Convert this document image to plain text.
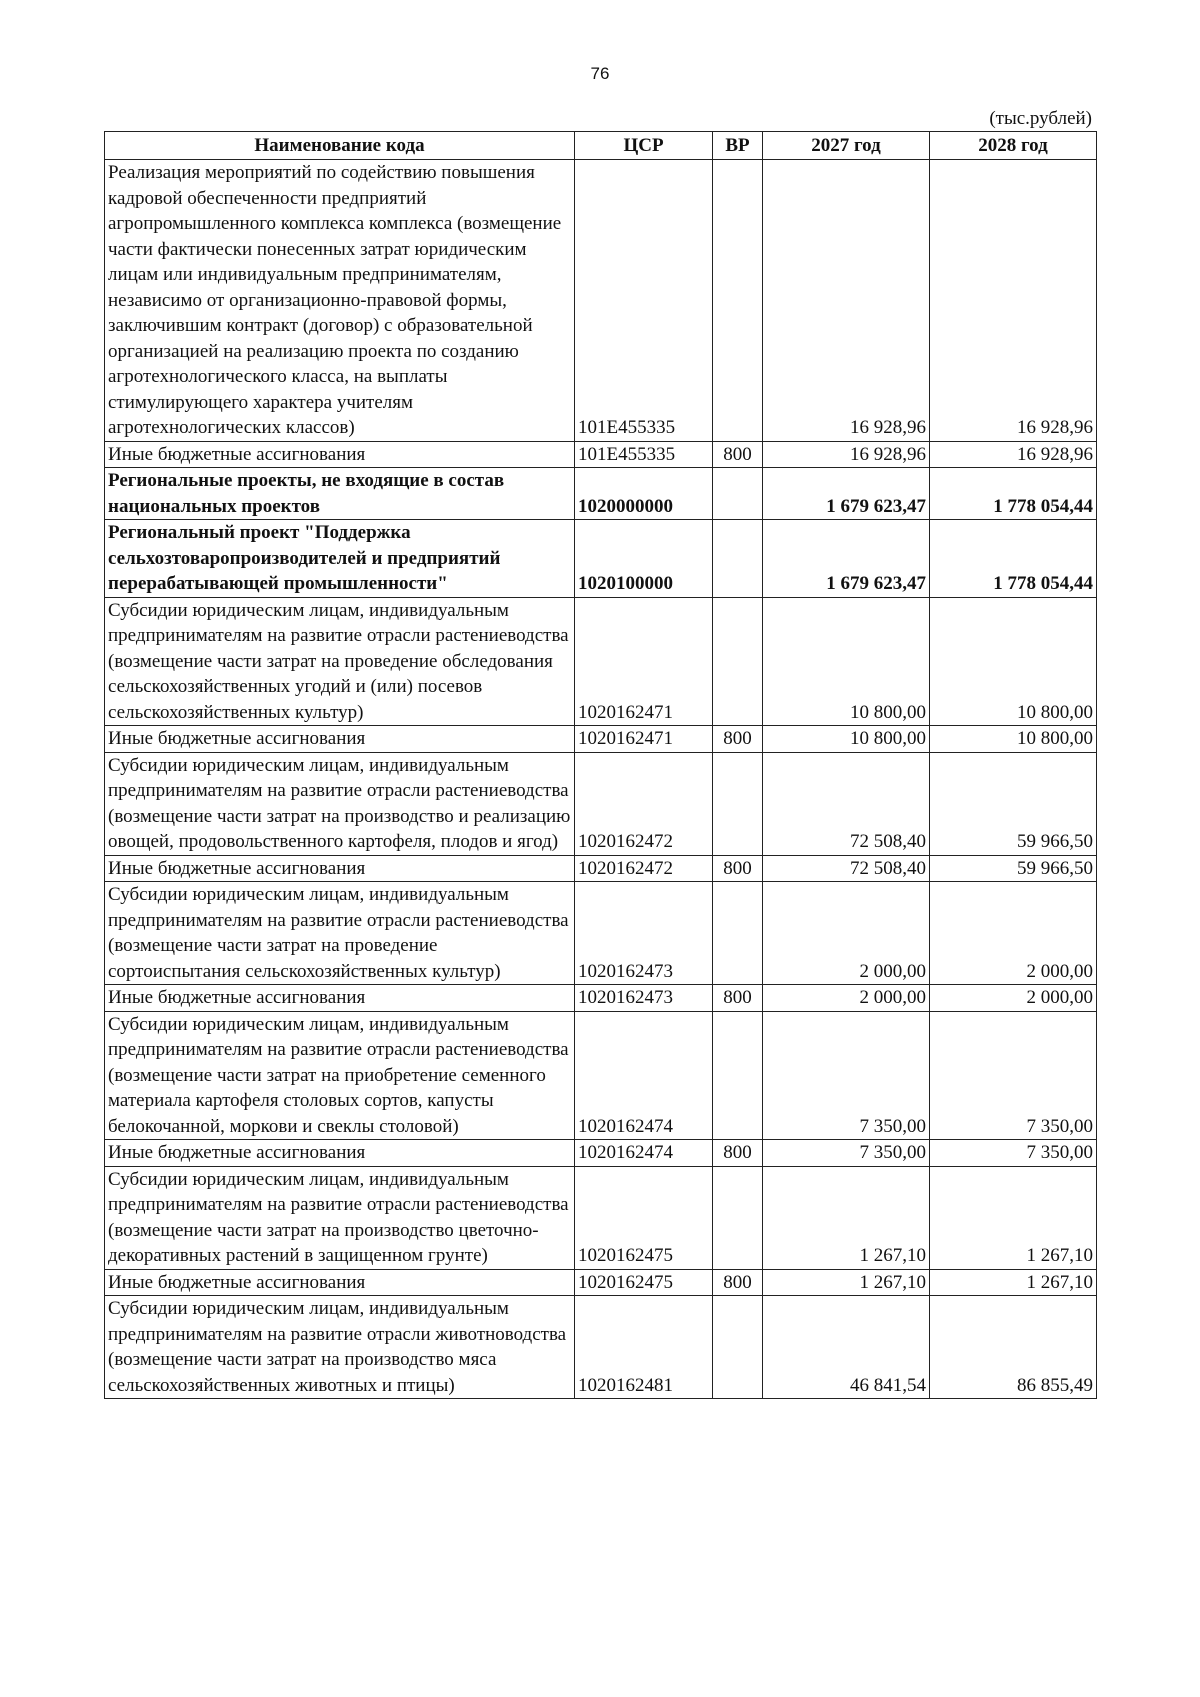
76
(тыс.рублей)
Наименование кода	ЦСР	ВР	2027 год	2028 год
Реализация мероприятий по содействию повышения кадровой обеспеченности предприятий агропромышленного комплекса комплекса (возмещение части фактически понесенных затрат юридическим лицам или индивидуальным предпринимателям, независимо от организационно-правовой формы, заключившим контракт (договор) с образовательной организацией на реализацию проекта по созданию агротехнологического класса, на выплаты стимулирующего характера учителям агротехнологических классов)	101E455335		16 928,96	16 928,96
Иные бюджетные ассигнования	101E455335	800	16 928,96	16 928,96
Региональные проекты, не входящие в состав национальных проектов	1020000000		1 679 623,47	1 778 054,44
Региональный проект "Поддержка сельхозтоваропроизводителей и предприятий перерабатывающей промышленности"	1020100000		1 679 623,47	1 778 054,44
Субсидии юридическим лицам, индивидуальным предпринимателям на развитие отрасли растениеводства (возмещение части затрат на проведение обследования сельскохозяйственных угодий и (или) посевов сельскохозяйственных культур)	1020162471		10 800,00	10 800,00
Иные бюджетные ассигнования	1020162471	800	10 800,00	10 800,00
Субсидии юридическим лицам, индивидуальным предпринимателям на развитие отрасли растениеводства (возмещение части затрат на производство и реализацию овощей, продовольственного картофеля, плодов и ягод)	1020162472		72 508,40	59 966,50
Иные бюджетные ассигнования	1020162472	800	72 508,40	59 966,50
Субсидии юридическим лицам, индивидуальным предпринимателям на развитие отрасли растениеводства (возмещение части затрат на проведение сортоиспытания сельскохозяйственных культур)	1020162473		2 000,00	2 000,00
Иные бюджетные ассигнования	1020162473	800	2 000,00	2 000,00
Субсидии юридическим лицам, индивидуальным предпринимателям на развитие отрасли растениеводства (возмещение части затрат на приобретение семенного материала картофеля столовых сортов, капусты белокочанной, моркови и свеклы столовой)	1020162474		7 350,00	7 350,00
Иные бюджетные ассигнования	1020162474	800	7 350,00	7 350,00
Субсидии юридическим лицам, индивидуальным предпринимателям на развитие отрасли растениеводства (возмещение части затрат на производство цветочно-декоративных растений в защищенном грунте)	1020162475		1 267,10	1 267,10
Иные бюджетные ассигнования	1020162475	800	1 267,10	1 267,10
Субсидии юридическим лицам, индивидуальным предпринимателям на развитие отрасли животноводства (возмещение части затрат на производство мяса сельскохозяйственных животных и птицы)	1020162481		46 841,54	86 855,49
